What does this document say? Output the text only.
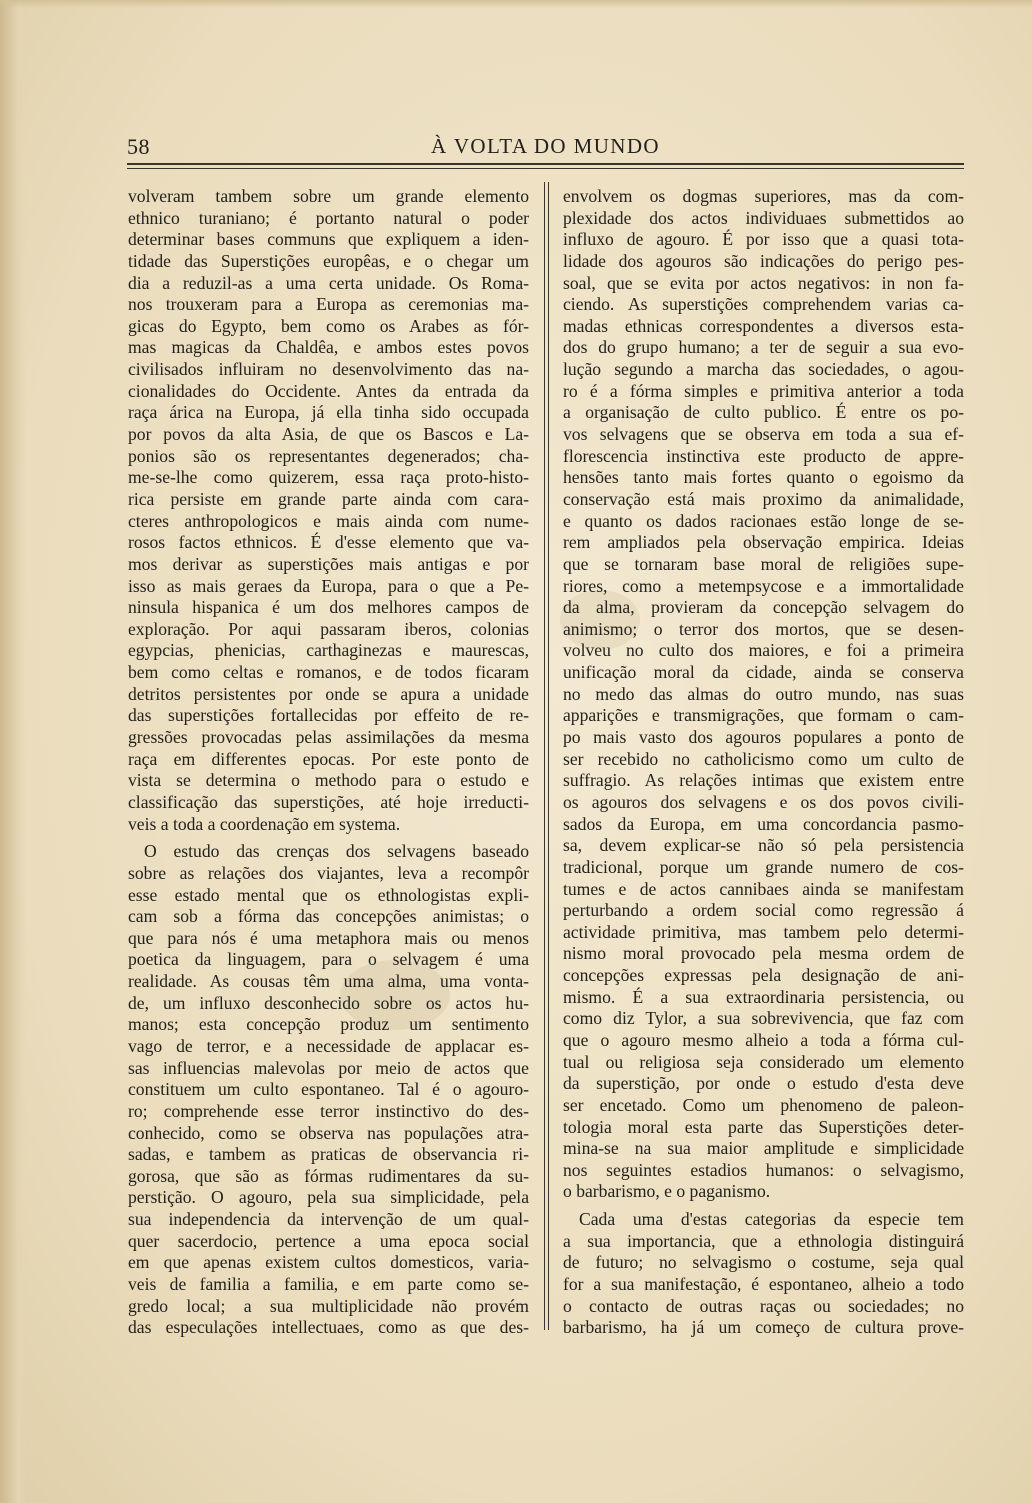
58	À VOLTA DO MUNDO
volveram tambem sobre um grande elemento
ethnico turaniano; é portanto natural o poder
determinar bases communs que expliquem a iden-
tidade das Superstições europêas, e o chegar um
dia a reduzil-as a uma certa unidade. Os Roma-
nos trouxeram para a Europa as ceremonias ma-
gicas do Egypto, bem como os Arabes as fór-
mas magicas da Chaldêa, e ambos estes povos
civilisados influiram no desenvolvimento das na-
cionalidades do Occidente. Antes da entrada da
raça árica na Europa, já ella tinha sido occupada
por povos da alta Asia, de que os Bascos e La-
ponios são os representantes degenerados; cha-
me-se-lhe como quizerem, essa raça proto-histo-
rica persiste em grande parte ainda com cara-
cteres anthropologicos e mais ainda com nume-
rosos factos ethnicos. É d'esse elemento que va-
mos derivar as superstições mais antigas e por
isso as mais geraes da Europa, para o que a Pe-
ninsula hispanica é um dos melhores campos de
exploração. Por aqui passaram iberos, colonias
egypcias, phenicias, carthaginezas e maurescas,
bem como celtas e romanos, e de todos ficaram
detritos persistentes por onde se apura a unidade
das superstições fortallecidas por effeito de re-
gressões provocadas pelas assimilações da mesma
raça em differentes epocas. Por este ponto de
vista se determina o methodo para o estudo e
classificação das superstições, até hoje irreducti-
veis a toda a coordenação em systema.
O estudo das crenças dos selvagens baseado
sobre as relações dos viajantes, leva a recompôr
esse estado mental que os ethnologistas expli-
cam sob a fórma das concepções animistas; o
que para nós é uma metaphora mais ou menos
poetica da linguagem, para o selvagem é uma
realidade. As cousas têm uma alma, uma vonta-
de, um influxo desconhecido sobre os actos hu-
manos; esta concepção produz um sentimento
vago de terror, e a necessidade de applacar es-
sas influencias malevolas por meio de actos que
constituem um culto espontaneo. Tal é o agouro-
ro; comprehende esse terror instinctivo do des-
conhecido, como se observa nas populações atra-
sadas, e tambem as praticas de observancia ri-
gorosa, que são as fórmas rudimentares da su-
perstição. O agouro, pela sua simplicidade, pela
sua independencia da intervenção de um qual-
quer sacerdocio, pertence a uma epoca social
em que apenas existem cultos domesticos, varia-
veis de familia a familia, e em parte como se-
gredo local; a sua multiplicidade não provém
das especulações intellectuaes, como as que des-
envolvem os dogmas superiores, mas da com-
plexidade dos actos individuaes submettidos ao
influxo de agouro. É por isso que a quasi tota-
lidade dos agouros são indicações do perigo pes-
soal, que se evita por actos negativos: in non fa-
ciendo. As superstições comprehendem varias ca-
madas ethnicas correspondentes a diversos esta-
dos do grupo humano; a ter de seguir a sua evo-
lução segundo a marcha das sociedades, o agou-
ro é a fórma simples e primitiva anterior a toda
a organisação de culto publico. É entre os po-
vos selvagens que se observa em toda a sua ef-
florescencia instinctiva este producto de appre-
hensões tanto mais fortes quanto o egoismo da
conservação está mais proximo da animalidade,
e quanto os dados racionaes estão longe de se-
rem ampliados pela observação empirica. Ideias
que se tornaram base moral de religiões supe-
riores, como a metempsycose e a immortalidade
da alma, provieram da concepção selvagem do
animismo; o terror dos mortos, que se desen-
volveu no culto dos maiores, e foi a primeira
unificação moral da cidade, ainda se conserva
no medo das almas do outro mundo, nas suas
apparições e transmigrações, que formam o cam-
po mais vasto dos agouros populares a ponto de
ser recebido no catholicismo como um culto de
suffragio. As relações intimas que existem entre
os agouros dos selvagens e os dos povos civili-
sados da Europa, em uma concordancia pasmo-
sa, devem explicar-se não só pela persistencia
tradicional, porque um grande numero de cos-
tumes e de actos cannibaes ainda se manifestam
perturbando a ordem social como regressão á
actividade primitiva, mas tambem pelo determi-
nismo moral provocado pela mesma ordem de
concepções expressas pela designação de ani-
mismo. É a sua extraordinaria persistencia, ou
como diz Tylor, a sua sobrevivencia, que faz com
que o agouro mesmo alheio a toda a fórma cul-
tual ou religiosa seja considerado um elemento
da superstição, por onde o estudo d'esta deve
ser encetado. Como um phenomeno de paleon-
tologia moral esta parte das Superstições deter-
mina-se na sua maior amplitude e simplicidade
nos seguintes estadios humanos: o selvagismo,
o barbarismo, e o paganismo.
Cada uma d'estas categorias da especie tem
a sua importancia, que a ethnologia distinguirá
de futuro; no selvagismo o costume, seja qual
for a sua manifestação, é espontaneo, alheio a todo
o contacto de outras raças ou sociedades; no
barbarismo, ha já um começo de cultura prove-
